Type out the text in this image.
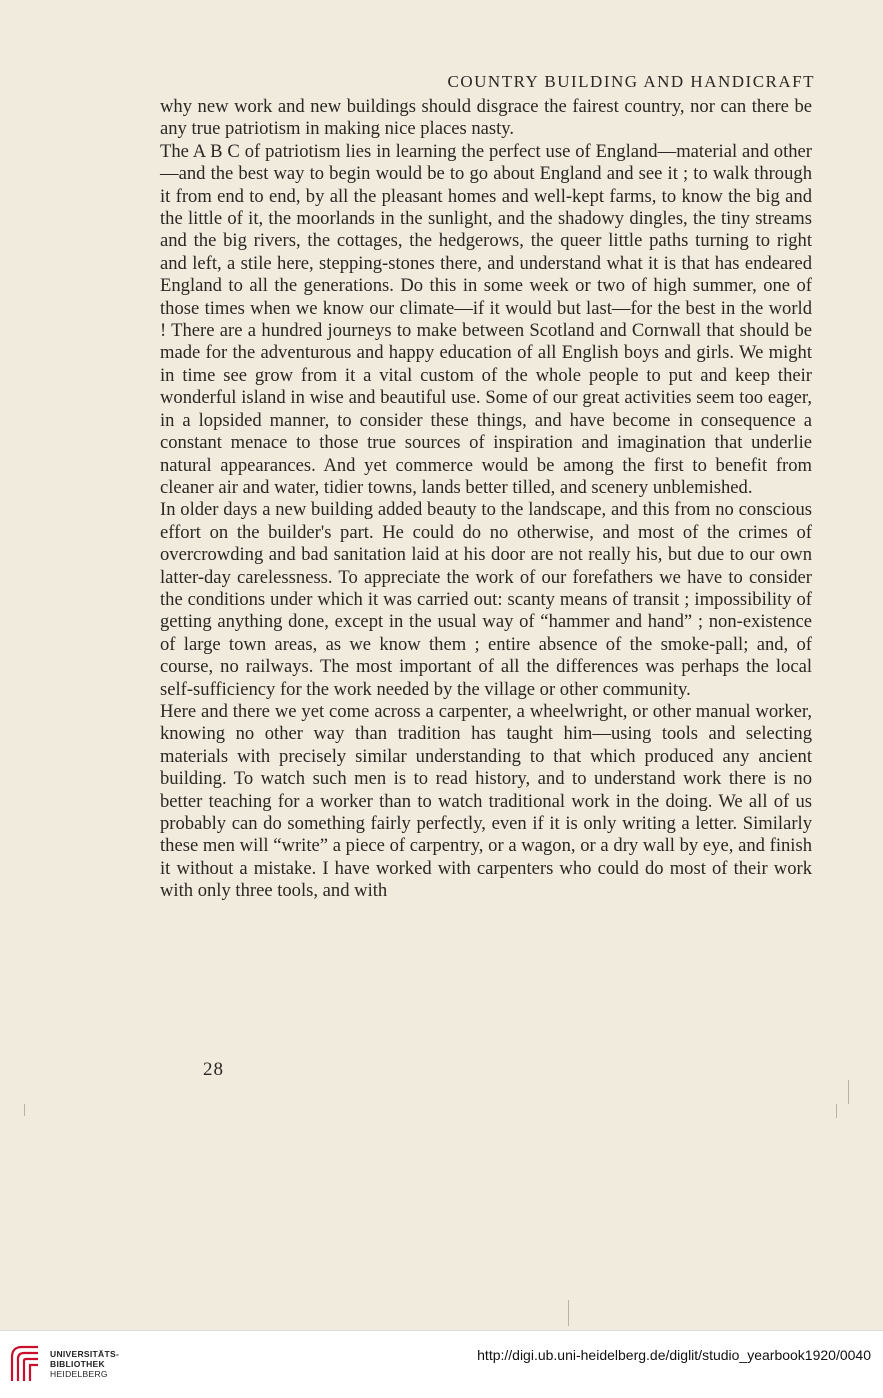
COUNTRY BUILDING AND HANDICRAFT

why new work and new buildings should disgrace the fairest country, nor can there be any true patriotism in making nice places nasty.

The A B C of patriotism lies in learning the perfect use of England—material and other—and the best way to begin would be to go about England and see it ; to walk through it from end to end, by all the pleasant homes and well-kept farms, to know the big and the little of it, the moorlands in the sunlight, and the shadowy dingles, the tiny streams and the big rivers, the cottages, the hedgerows, the queer little paths turning to right and left, a stile here, stepping-stones there, and understand what it is that has endeared England to all the generations. Do this in some week or two of high summer, one of those times when we know our climate—if it would but last—for the best in the world ! There are a hundred journeys to make between Scotland and Cornwall that should be made for the adventurous and happy education of all English boys and girls. We might in time see grow from it a vital custom of the whole people to put and keep their wonderful island in wise and beautiful use. Some of our great activities seem too eager, in a lopsided manner, to consider these things, and have become in consequence a constant menace to those true sources of inspiration and imagination that underlie natural appearances. And yet commerce would be among the first to benefit from cleaner air and water, tidier towns, lands better tilled, and scenery unblemished.

In older days a new building added beauty to the landscape, and this from no conscious effort on the builder's part. He could do no otherwise, and most of the crimes of overcrowding and bad sanitation laid at his door are not really his, but due to our own latter-day carelessness. To appreciate the work of our forefathers we have to consider the conditions under which it was carried out: scanty means of transit ; impossibility of getting anything done, except in the usual way of “hammer and hand” ; non-existence of large town areas, as we know them ; entire absence of the smoke-pall; and, of course, no railways. The most important of all the differences was perhaps the local self-sufficiency for the work needed by the village or other community.

Here and there we yet come across a carpenter, a wheelwright, or other manual worker, knowing no other way than tradition has taught him—using tools and selecting materials with precisely similar understanding to that which produced any ancient building. To watch such men is to read history, and to understand work there is no better teaching for a worker than to watch traditional work in the doing. We all of us probably can do something fairly perfectly, even if it is only writing a letter. Similarly these men will “write” a piece of carpentry, or a wagon, or a dry wall by eye, and finish it without a mistake. I have worked with carpenters who could do most of their work with only three tools, and with

28
UNIVERSITÄTS-
BIBLIOTHEK
HEIDELBERG
http://digi.ub.uni-heidelberg.de/diglit/studio_yearbook1920/0040
